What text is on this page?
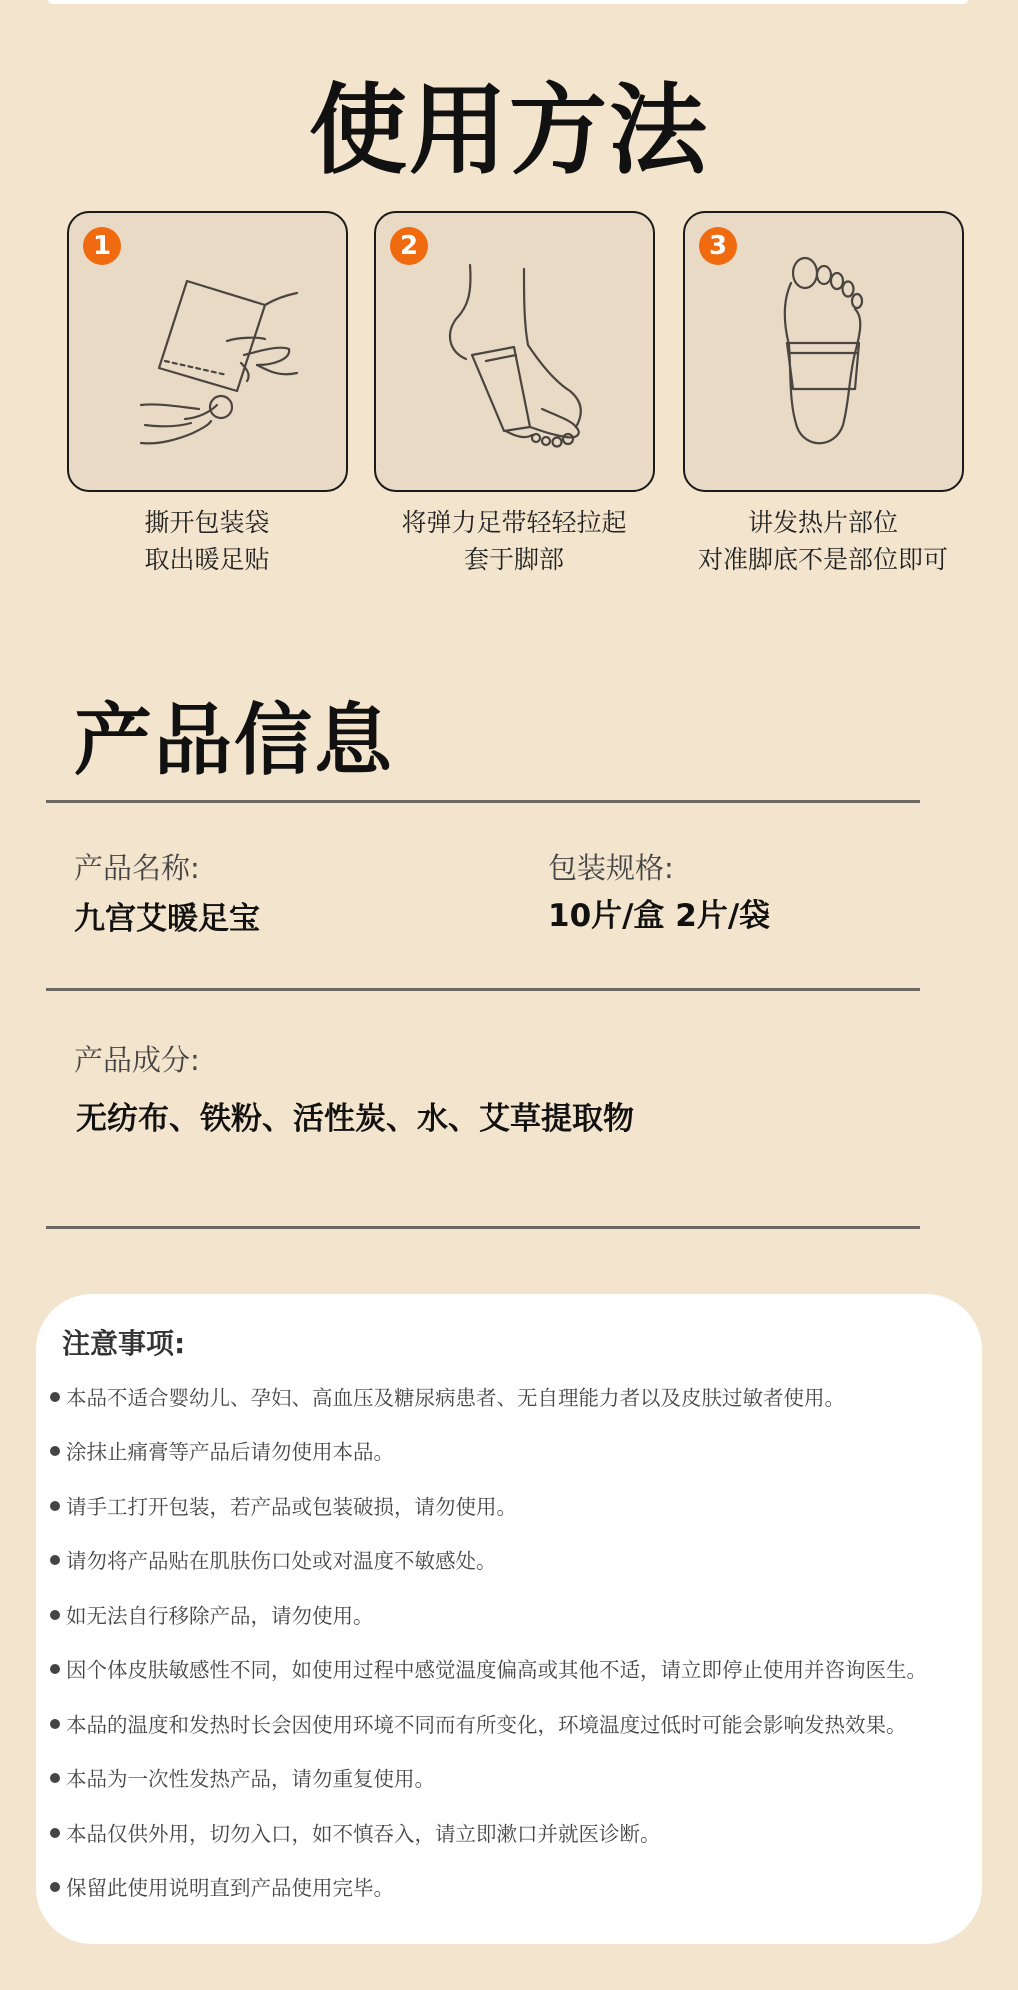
使用方法
1
撕开包装袋
取出暖足贴
2
将弹力足带轻轻拉起
套于脚部
3
讲发热片部位
对准脚底不是部位即可
产品信息
产品名称:
九宫艾暖足宝
包装规格:
10片/盒 2片/袋
产品成分:
无纺布、铁粉、活性炭、水、艾草提取物
注意事项:
本品不适合婴幼儿、孕妇、高血压及糖尿病患者、无自理能力者以及皮肤过敏者使用。
涂抹止痛膏等产品后请勿使用本品。
请手工打开包装，若产品或包装破损，请勿使用。
请勿将产品贴在肌肤伤口处或对温度不敏感处。
如无法自行移除产品，请勿使用。
因个体皮肤敏感性不同，如使用过程中感觉温度偏高或其他不适，请立即停止使用并咨询医生。
本品的温度和发热时长会因使用环境不同而有所变化，环境温度过低时可能会影响发热效果。
本品为一次性发热产品，请勿重复使用。
本品仅供外用，切勿入口，如不慎吞入，请立即漱口并就医诊断。
保留此使用说明直到产品使用完毕。
